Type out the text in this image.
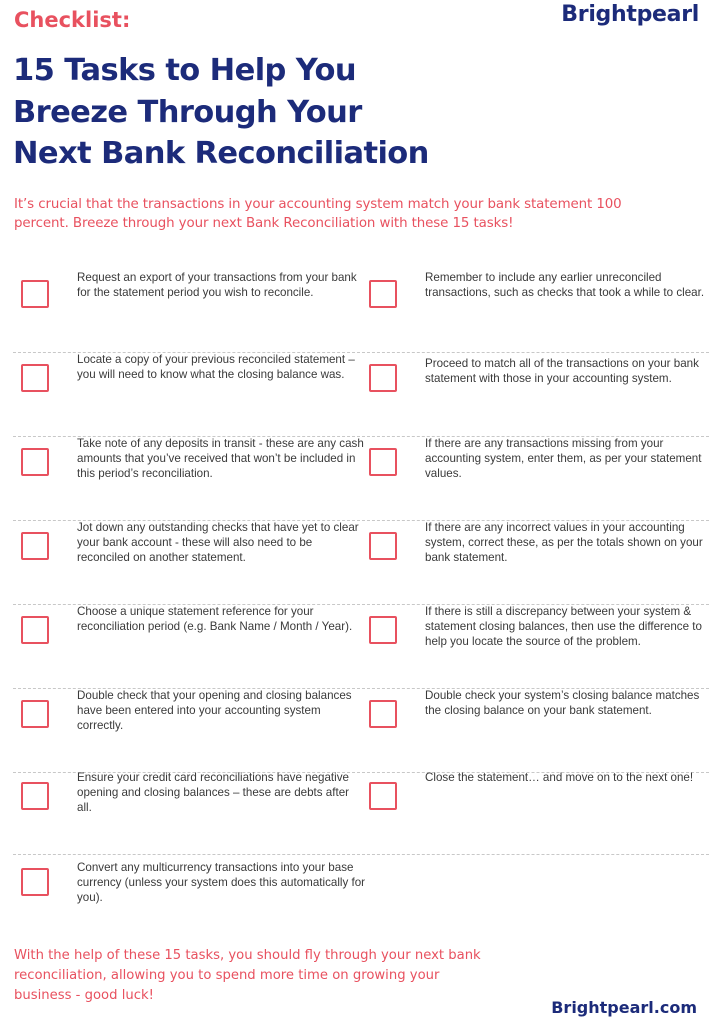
Checklist:	Brightpearl
15 Tasks to Help You
Breeze Through Your
Next Bank Reconciliation

It’s crucial that the transactions in your accounting system match your bank statement 100 percent. Breeze through your next Bank Reconciliation with these 15 tasks!

Request an export of your transactions from your bank for the statement period you wish to reconcile.

Remember to include any earlier unreconciled transactions, such as checks that took a while to clear.

Locate a copy of your previous reconciled statement – you will need to know what the closing balance was.

Proceed to match all of the transactions on your bank statement with those in your accounting system.

Take note of any deposits in transit - these are any cash amounts that you’ve received that won’t be included in this period’s reconciliation.

If there are any transactions missing from your accounting system, enter them, as per your statement values.

Jot down any outstanding checks that have yet to clear your bank account - these will also need to be reconciled on another statement.

If there are any incorrect values in your accounting system, correct these, as per the totals shown on your bank statement.

Choose a unique statement reference for your reconciliation period (e.g. Bank Name / Month / Year).

If there is still a discrepancy between your system & statement closing balances, then use the difference to help you locate the source of the problem.

Double check that your opening and closing balances have been entered into your accounting system correctly.

Double check your system’s closing balance matches the closing balance on your bank statement.

Ensure your credit card reconciliations have negative opening and closing balances – these are debts after all.

Close the statement… and move on to the next one!

Convert any multicurrency transactions into your base currency (unless your system does this automatically for you).

With the help of these 15 tasks, you should fly through your next bank reconciliation, allowing you to spend more time on growing your business - good luck!

Brightpearl.com
